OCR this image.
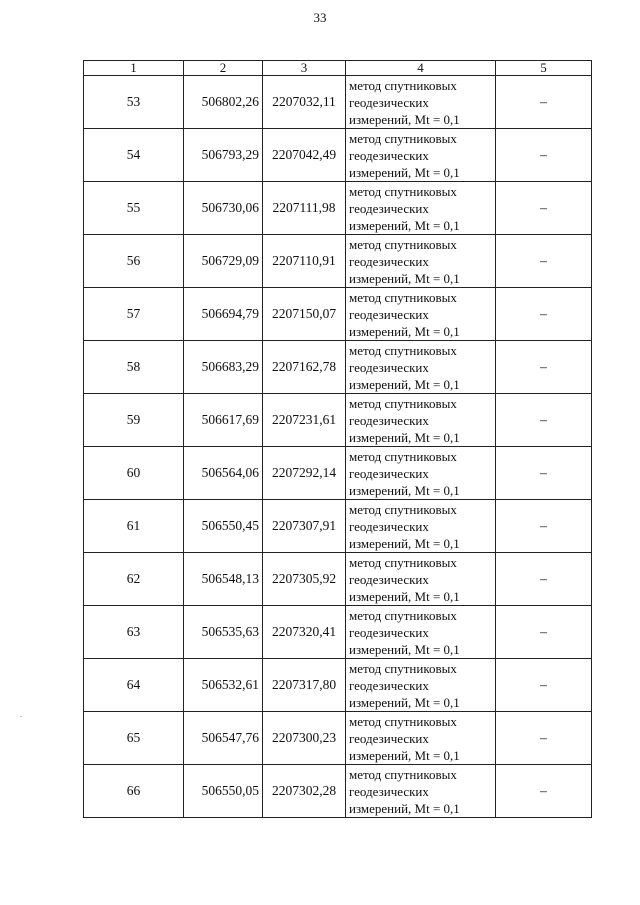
33
1	2	3	4	5
53	506802,26	2207032,11	метод спутниковых
геодезических
измерений, Mt = 0,1	–
54	506793,29	2207042,49	метод спутниковых
геодезических
измерений, Mt = 0,1	–
55	506730,06	2207111,98	метод спутниковых
геодезических
измерений, Mt = 0,1	–
56	506729,09	2207110,91	метод спутниковых
геодезических
измерений, Mt = 0,1	–
57	506694,79	2207150,07	метод спутниковых
геодезических
измерений, Mt = 0,1	–
58	506683,29	2207162,78	метод спутниковых
геодезических
измерений, Mt = 0,1	–
59	506617,69	2207231,61	метод спутниковых
геодезических
измерений, Mt = 0,1	–
60	506564,06	2207292,14	метод спутниковых
геодезических
измерений, Mt = 0,1	–
61	506550,45	2207307,91	метод спутниковых
геодезических
измерений, Mt = 0,1	–
62	506548,13	2207305,92	метод спутниковых
геодезических
измерений, Mt = 0,1	–
63	506535,63	2207320,41	метод спутниковых
геодезических
измерений, Mt = 0,1	–
64	506532,61	2207317,80	метод спутниковых
геодезических
измерений, Mt = 0,1	–
65	506547,76	2207300,23	метод спутниковых
геодезических
измерений, Mt = 0,1	–
66	506550,05	2207302,28	метод спутниковых
геодезических
измерений, Mt = 0,1	–
.
